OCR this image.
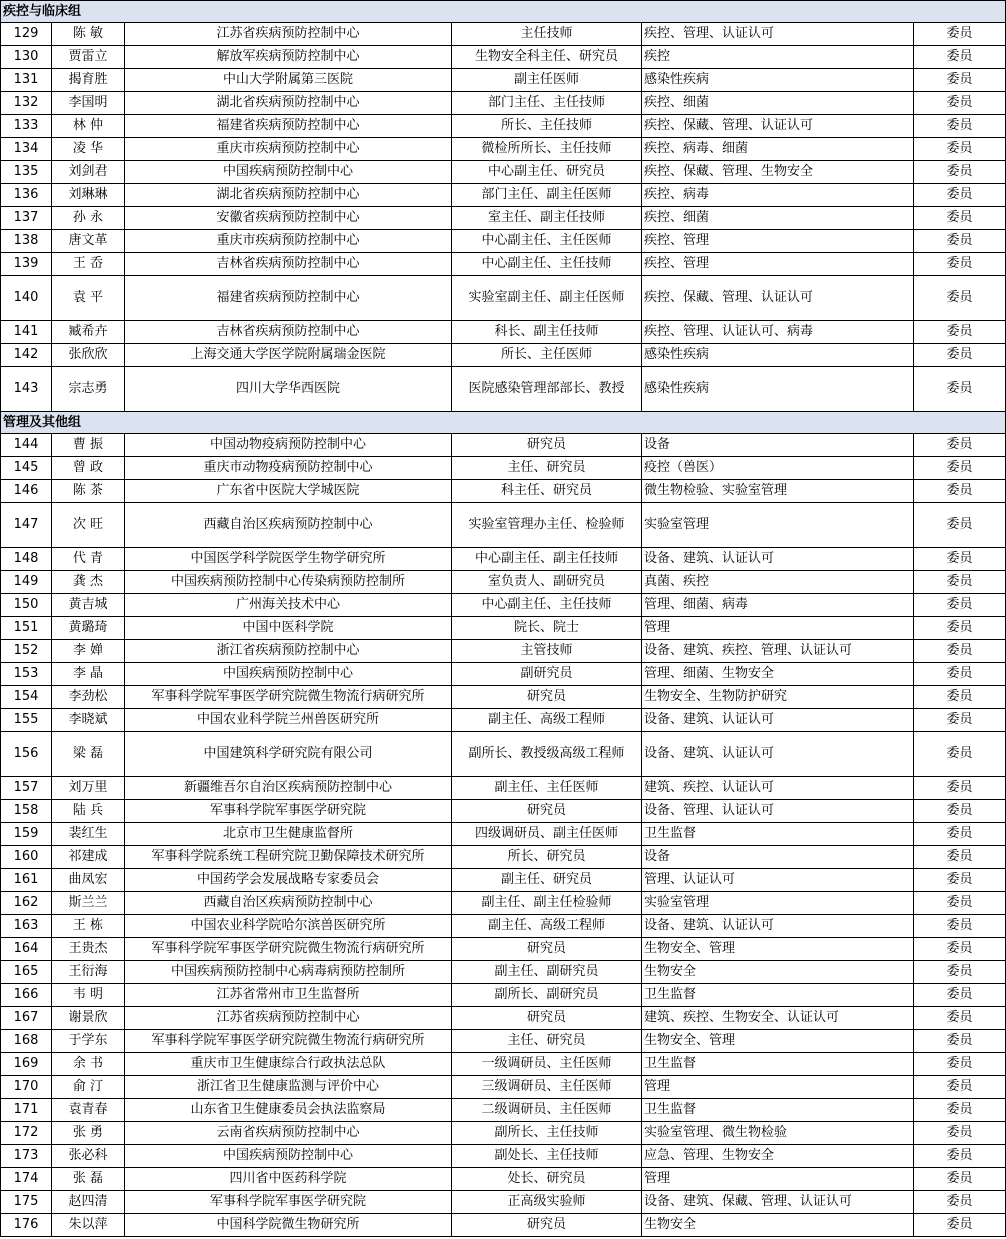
疾控与临床组					
129	陈 敏	江苏省疾病预防控制中心	主任技师	疾控、管理、认证认可	委员
130	贾雷立	解放军疾病预防控制中心	生物安全科主任、研究员	疾控	委员
131	揭育胜	中山大学附属第三医院	副主任医师	感染性疾病	委员
132	李国明	湖北省疾病预防控制中心	部门主任、主任技师	疾控、细菌	委员
133	林 仲	福建省疾病预防控制中心	所长、主任技师	疾控、保藏、管理、认证认可	委员
134	凌 华	重庆市疾病预防控制中心	微检所所长、主任技师	疾控、病毒、细菌	委员
135	刘剑君	中国疾病预防控制中心	中心副主任、研究员	疾控、保藏、管理、生物安全	委员
136	刘琳琳	湖北省疾病预防控制中心	部门主任、副主任医师	疾控、病毒	委员
137	孙 永	安徽省疾病预防控制中心	室主任、副主任技师	疾控、细菌	委员
138	唐文革	重庆市疾病预防控制中心	中心副主任、主任医师	疾控、管理	委员
139	王 岙	吉林省疾病预防控制中心	中心副主任、主任技师	疾控、管理	委员
140	袁 平	福建省疾病预防控制中心	实验室副主任、副主任医师	疾控、保藏、管理、认证认可	委员
141	臧希卉	吉林省疾病预防控制中心	科长、副主任技师	疾控、管理、认证认可、病毒	委员
142	张欣欣	上海交通大学医学院附属瑞金医院	所长、主任医师	感染性疾病	委员
143	宗志勇	四川大学华西医院	医院感染管理部部长、教授	感染性疾病	委员
管理及其他组					
144	曹 振	中国动物疫病预防控制中心	研究员	设备	委员
145	曾 政	重庆市动物疫病预防控制中心	主任、研究员	疫控（兽医）	委员
146	陈 茶	广东省中医院大学城医院	科主任、研究员	微生物检验、实验室管理	委员
147	次 旺	西藏自治区疾病预防控制中心	实验室管理办主任、检验师	实验室管理	委员
148	代 青	中国医学科学院医学生物学研究所	中心副主任、副主任技师	设备、建筑、认证认可	委员
149	龚 杰	中国疾病预防控制中心传染病预防控制所	室负责人、副研究员	真菌、疾控	委员
150	黄吉城	广州海关技术中心	中心副主任、主任技师	管理、细菌、病毒	委员
151	黄璐琦	中国中医科学院	院长、院士	管理	委员
152	李 婵	浙江省疾病预防控制中心	主管技师	设备、建筑、疾控、管理、认证认可	委员
153	李 晶	中国疾病预防控制中心	副研究员	管理、细菌、生物安全	委员
154	李劲松	军事科学院军事医学研究院微生物流行病研究所	研究员	生物安全、生物防护研究	委员
155	李晓斌	中国农业科学院兰州兽医研究所	副主任、高级工程师	设备、建筑、认证认可	委员
156	梁 磊	中国建筑科学研究院有限公司	副所长、教授级高级工程师	设备、建筑、认证认可	委员
157	刘万里	新疆维吾尔自治区疾病预防控制中心	副主任、主任医师	建筑、疾控、认证认可	委员
158	陆 兵	军事科学院军事医学研究院	研究员	设备、管理、认证认可	委员
159	裴红生	北京市卫生健康监督所	四级调研员、副主任医师	卫生监督	委员
160	祁建成	军事科学院系统工程研究院卫勤保障技术研究所	所长、研究员	设备	委员
161	曲凤宏	中国药学会发展战略专家委员会	副主任、研究员	管理、认证认可	委员
162	斯兰兰	西藏自治区疾病预防控制中心	副主任、副主任检验师	实验室管理	委员
163	王 栋	中国农业科学院哈尔滨兽医研究所	副主任、高级工程师	设备、建筑、认证认可	委员
164	王贵杰	军事科学院军事医学研究院微生物流行病研究所	研究员	生物安全、管理	委员
165	王衍海	中国疾病预防控制中心病毒病预防控制所	副主任、副研究员	生物安全	委员
166	韦 明	江苏省常州市卫生监督所	副所长、副研究员	卫生监督	委员
167	谢景欣	江苏省疾病预防控制中心	研究员	建筑、疾控、生物安全、认证认可	委员
168	于学东	军事科学院军事医学研究院微生物流行病研究所	主任、研究员	生物安全、管理	委员
169	余 书	重庆市卫生健康综合行政执法总队	一级调研员、主任医师	卫生监督	委员
170	俞 汀	浙江省卫生健康监测与评价中心	三级调研员、主任医师	管理	委员
171	袁青春	山东省卫生健康委员会执法监察局	二级调研员、主任医师	卫生监督	委员
172	张 勇	云南省疾病预防控制中心	副所长、主任技师	实验室管理、微生物检验	委员
173	张必科	中国疾病预防控制中心	副处长、主任技师	应急、管理、生物安全	委员
174	张 磊	四川省中医药科学院	处长、研究员	管理	委员
175	赵四清	军事科学院军事医学研究院	正高级实验师	设备、建筑、保藏、管理、认证认可	委员
176	朱以萍	中国科学院微生物研究所	研究员	生物安全	委员
